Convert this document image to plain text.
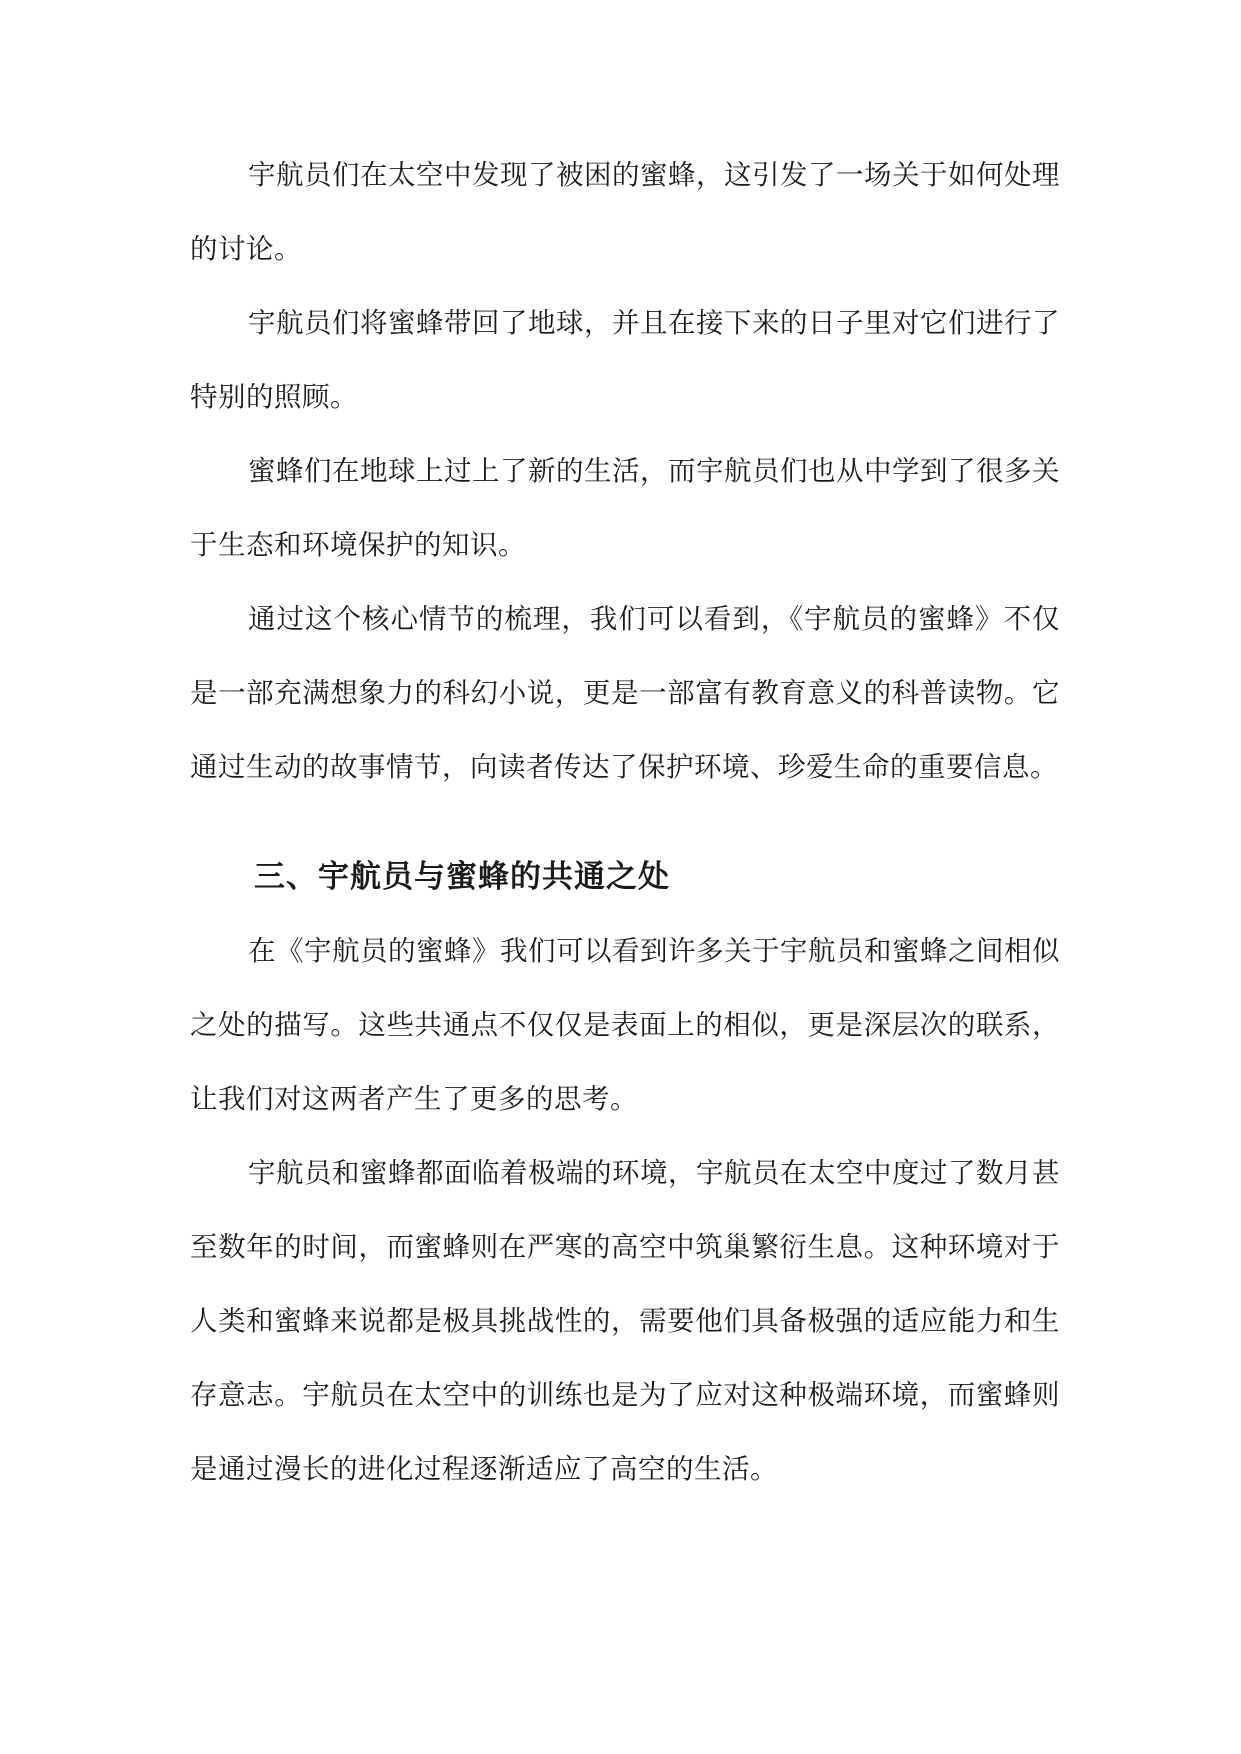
宇航员们在太空中发现了被困的蜜蜂，这引发了一场关于如何处理的讨论。

宇航员们将蜜蜂带回了地球，并且在接下来的日子里对它们进行了特别的照顾。

蜜蜂们在地球上过上了新的生活，而宇航员们也从中学到了很多关于生态和环境保护的知识。

通过这个核心情节的梳理，我们可以看到，《宇航员的蜜蜂》不仅是一部充满想象力的科幻小说，更是一部富有教育意义的科普读物。它通过生动的故事情节，向读者传达了保护环境、珍爱生命的重要信息。

三、宇航员与蜜蜂的共通之处

在《宇航员的蜜蜂》我们可以看到许多关于宇航员和蜜蜂之间相似之处的描写。这些共通点不仅仅是表面上的相似，更是深层次的联系，让我们对这两者产生了更多的思考。

宇航员和蜜蜂都面临着极端的环境，宇航员在太空中度过了数月甚至数年的时间，而蜜蜂则在严寒的高空中筑巢繁衍生息。这种环境对于人类和蜜蜂来说都是极具挑战性的，需要他们具备极强的适应能力和生存意志。宇航员在太空中的训练也是为了应对这种极端环境，而蜜蜂则是通过漫长的进化过程逐渐适应了高空的生活。
